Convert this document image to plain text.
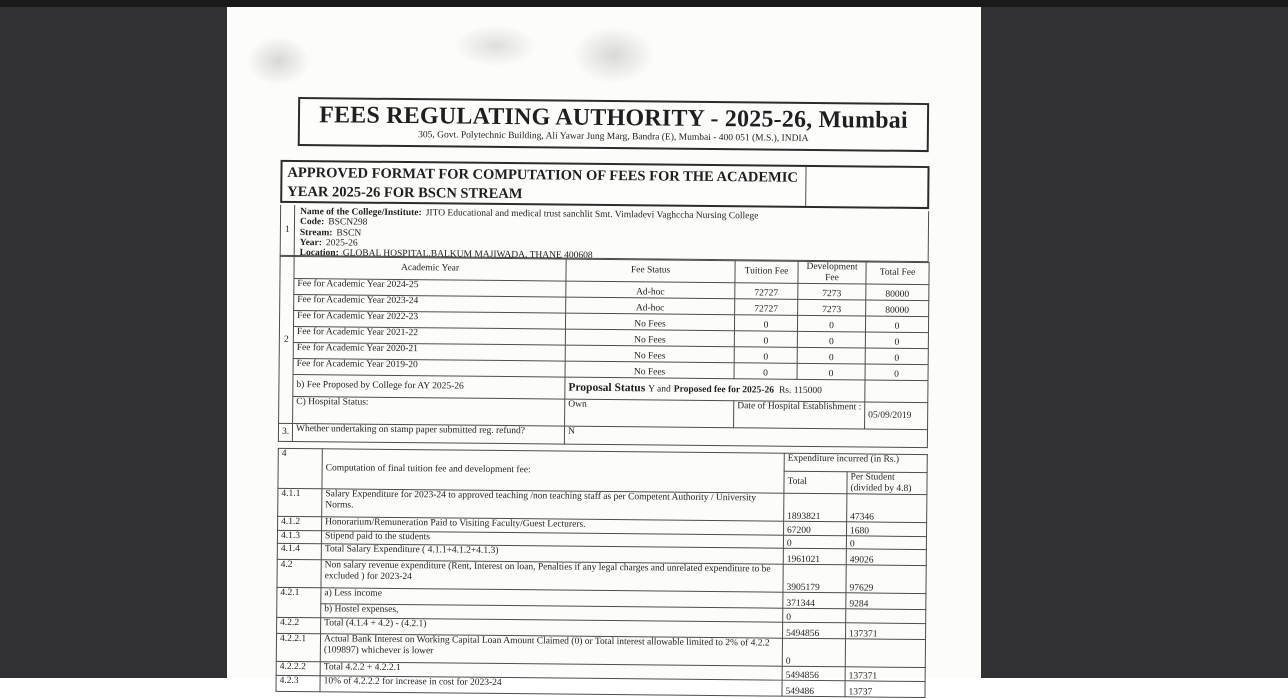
FEES REGULATING AUTHORITY - 2025-26, Mumbai
305, Govt. Polytechnic Building, Ali Yawar Jung Marg, Bandra (E), Mumbai - 400 051 (M.S.), INDIA
APPROVED FORMAT FOR COMPUTATION OF FEES FOR THE ACADEMIC YEAR 2025-26 FOR BSCN STREAM
1
Name of the College/Institute: JITO Educational and medical trust sanchlit Smt. Vimladevi Vaghccha Nursing College
Code: BSCN298
Stream: BSCN
Year: 2025-26
Location: GLOBAL HOSPITAL,BALKUM MAJIWADA, THANE 400608
2	Academic Year	Fee Status	Tuition Fee	Development Fee	Total Fee
	Fee for Academic Year 2024-25	Ad-hoc	72727	7273	80000
	Fee for Academic Year 2023-24	Ad-hoc	72727	7273	80000
	Fee for Academic Year 2022-23	No Fees	0	0	0
	Fee for Academic Year 2021-22	No Fees	0	0	0
	Fee for Academic Year 2020-21	No Fees	0	0	0
	Fee for Academic Year 2019-20	No Fees	0	0	0
	b) Fee Proposed by College for AY 2025-26	Proposal Status Y and Proposed fee for 2025-26 Rs. 115000			
	C) Hospital Status:	Own	Date of Hospital Establishment :		05/09/2019
3.	Whether undertaking on stamp paper submitted reg. refund?	N			
4	Computation of final tuition fee and development fee:	Expenditure incurred (in Rs.)	
		Total	Per Student (divided by 4.8)
4.1.1	Salary Expenditure for 2023-24 to approved teaching /non teaching staff as per Competent Authority / University Norms.	1893821	47346
4.1.2	Honorarium/Remuneration Paid to Visiting Faculty/Guest Lecturers.	67200	1680
4.1.3	Stipend paid to the students	0	0
4.1.4	Total Salary Expenditure ( 4.1.1+4.1.2+4.1.3)	1961021	49026
4.2	Non salary revenue expenditure (Rent, Interest on loan, Penalties if any legal charges and unrelated expenditure to be excluded ) for 2023-24	3905179	97629
4.2.1	a) Less income	371344	9284
	b) Hostel expenses,	0	
4.2.2	Total (4.1.4 + 4.2) - (4.2.1)	5494856	137371
4.2.2.1	Actual Bank Interest on Working Capital Loan Amount Claimed (0) or Total interest allowable limited to 2% of 4.2.2 (109897) whichever is lower	0	
4.2.2.2	Total 4.2.2 + 4.2.2.1	5494856	137371
4.2.3	10% of 4.2.2.2 for increase in cost for 2023-24	549486	13737
